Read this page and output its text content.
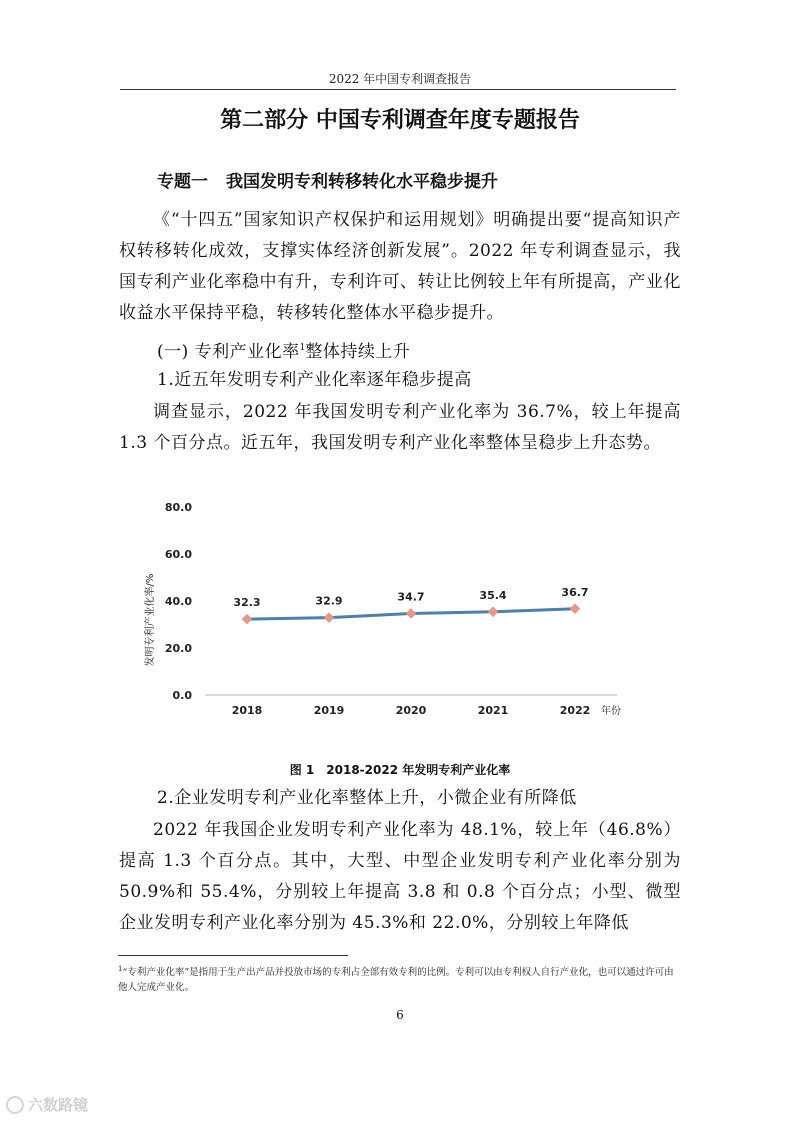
2022 年中国专利调查报告
第二部分 中国专利调查年度专题报告
专题一 我国发明专利转移转化水平稳步提升
《“十四五”国家知识产权保护和运用规划》明确提出要“提高知识产权转移转化成效，支撑实体经济创新发展”。2022 年专利调查显示，我国专利产业化率稳中有升，专利许可、转让比例较上年有所提高，产业化收益水平保持平稳，转移转化整体水平稳步提升。
(一) 专利产业化率$^1$整体持续上升
1.近五年发明专利产业化率逐年稳步提高
调查显示，2022 年我国发明专利产业化率为 36.7%，较上年提高 1.3 个百分点。近五年，我国发明专利产业化率整体呈稳步上升态势。
发明专利产业化率/%
0.0
20.0
40.0
60.0
80.0
2018	2019	2020	2021	2022 年份
32.3	32.9	34.7	35.4	36.7
图 1　2018-2022 年发明专利产业化率
2.企业发明专利产业化率整体上升，小微企业有所降低
2022 年我国企业发明专利产业化率为 48.1%，较上年（46.8%）提高 1.3 个百分点。其中，大型、中型企业发明专利产业化率分别为 50.9%和 55.4%，分别较上年提高 3.8 和 0.8 个百分点；小型、微型企业发明专利产业化率分别为 45.3%和 22.0%，分别较上年降低
$^1$“专利产业化率”是指用于生产出产品并投放市场的专利占全部有效专利的比例。专利可以由专利权人自行产业化，也可以通过许可由他人完成产业化。
6
六数路镜
